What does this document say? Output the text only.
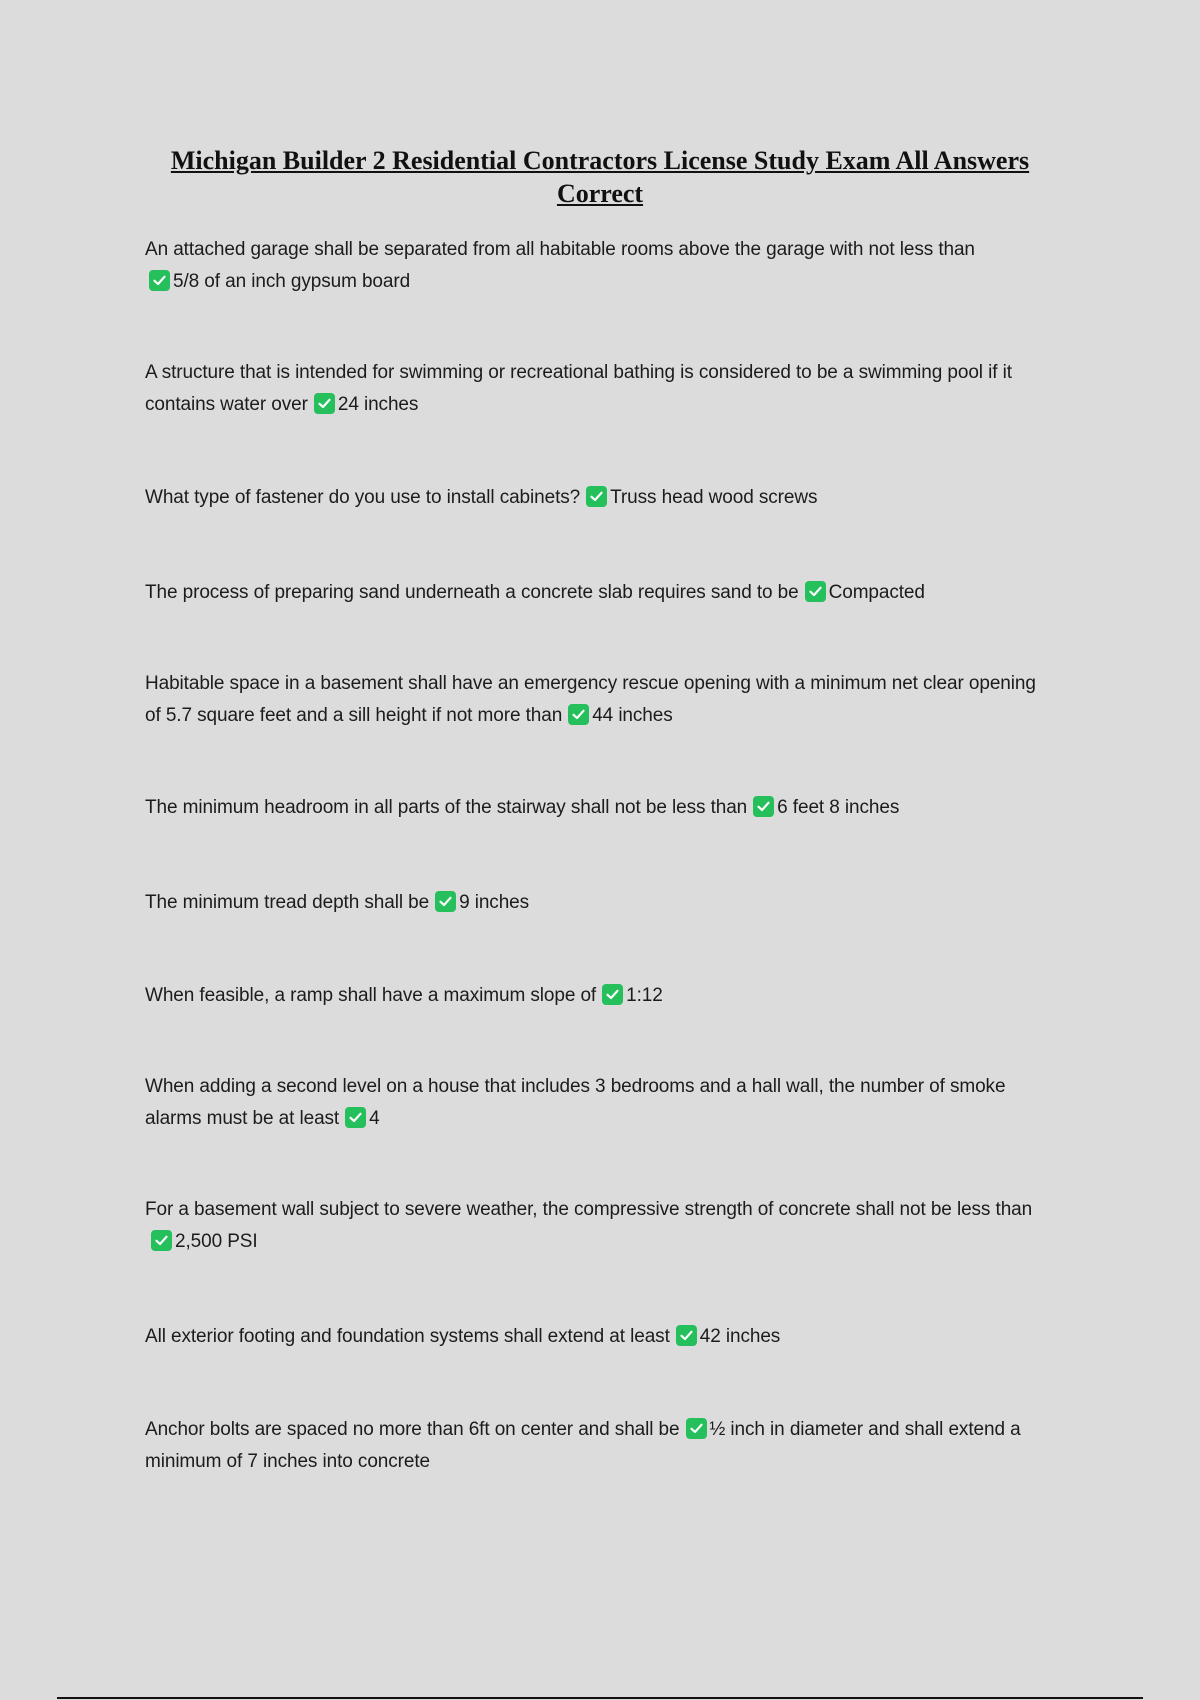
Michigan Builder 2 Residential Contractors License Study Exam All Answers Correct

An attached garage shall be separated from all habitable rooms above the garage with not less than

5/8 of an inch gypsum board

A structure that is intended for swimming or recreational bathing is considered to be a swimming pool if it contains water over 24 inches

What type of fastener do you use to install cabinets? Truss head wood screws

The process of preparing sand underneath a concrete slab requires sand to be Compacted

Habitable space in a basement shall have an emergency rescue opening with a minimum net clear opening of 5.7 square feet and a sill height if not more than 44 inches

The minimum headroom in all parts of the stairway shall not be less than 6 feet 8 inches

The minimum tread depth shall be 9 inches

When feasible, a ramp shall have a maximum slope of 1:12

When adding a second level on a house that includes 3 bedrooms and a hall wall, the number of smoke alarms must be at least 4

For a basement wall subject to severe weather, the compressive strength of concrete shall not be less than
2,500 PSI

All exterior footing and foundation systems shall extend at least 42 inches

Anchor bolts are spaced no more than 6ft on center and shall be ½ inch in diameter and shall extend a minimum of 7 inches into concrete
